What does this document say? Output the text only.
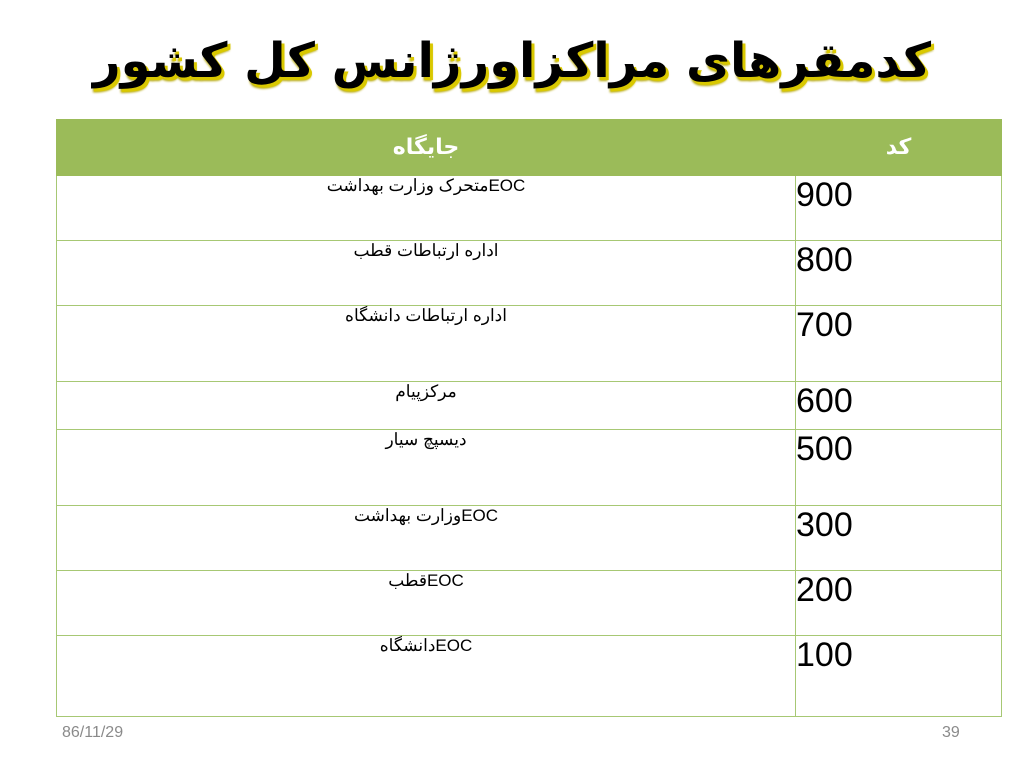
کدمقرهای مراکزاورژانس کل کشور
جایگاه	کد
EOCمتحرک وزارت بهداشت	900
اداره ارتباطات قطب	800
اداره ارتباطات دانشگاه	700
مرکزپیام	600
دیسپچ سیار	500
EOCوزارت بهداشت	300
EOCقطب	200
EOCدانشگاه	100
86/11/29	39
